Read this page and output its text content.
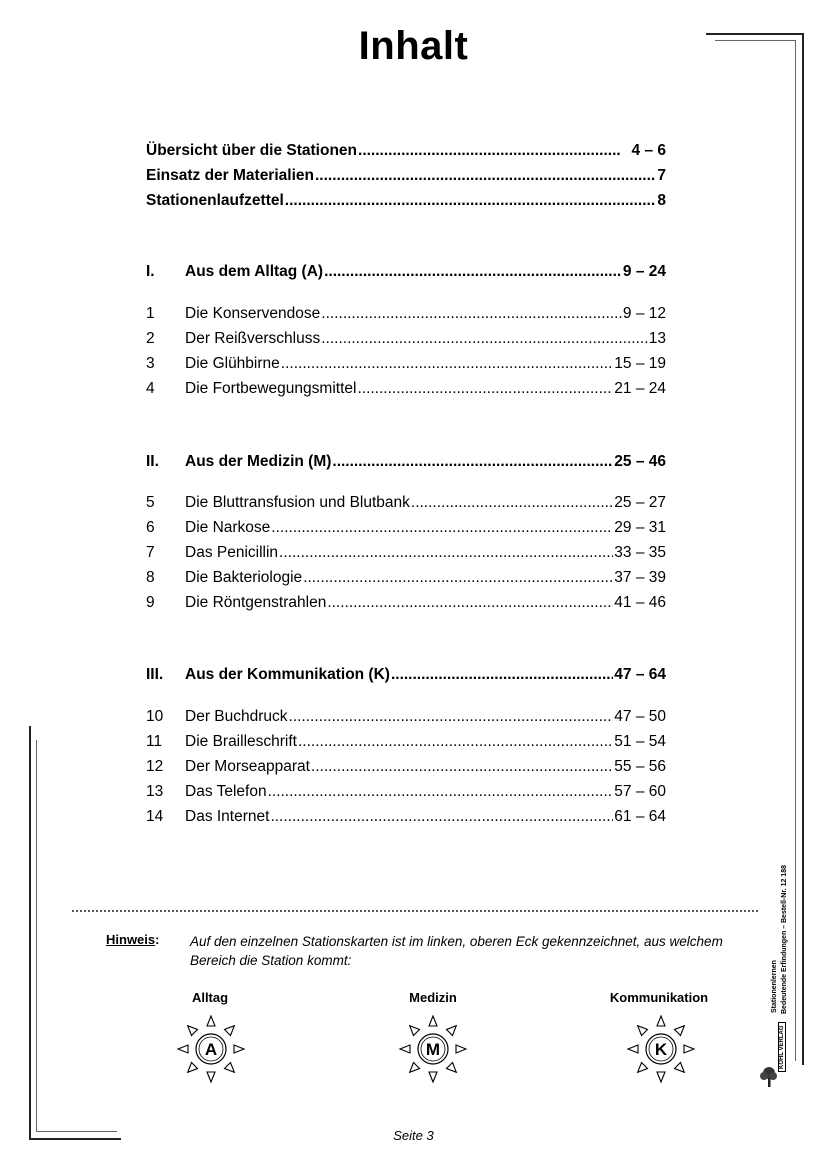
Inhalt
Übersicht über die Stationen .....	4 – 6
Einsatz der Materialien .....	7
Stationenlaufzettel .....	8
I.	Aus dem Alltag (A) .....	9 – 24
1	Die Konservendose .....	9 – 12
2	Der Reißverschluss .....	13
3	Die Glühbirne .....	15 – 19
4	Die Fortbewegungsmittel .....	21 – 24
II.	Aus der Medizin (M) .....	25 – 46
5	Die Bluttransfusion und Blutbank .....	25 – 27
6	Die Narkose .....	29 – 31
7	Das Penicillin .....	33 – 35
8	Die Bakteriologie .....	37 – 39
9	Die Röntgenstrahlen .....	41 – 46
III.	Aus der Kommunikation (K) .....	47 – 64
10	Der Buchdruck .....	47 – 50
11	Die Brailleschrift .....	51 – 54
12	Der Morseapparat .....	55 – 56
13	Das Telefon .....	57 – 60
14	Das Internet .....	61 – 64
Hinweis: Auf den einzelnen Stationskarten ist im linken, oberen Eck gekennzeichnet, aus welchem Bereich die Station kommt:
Alltag	Medizin	Kommunikation
A	M	K
Stationenlernen Bedeutende Erfindungen – Bestell-Nr. 12 188
KOHL VERLAG
Seite 3
